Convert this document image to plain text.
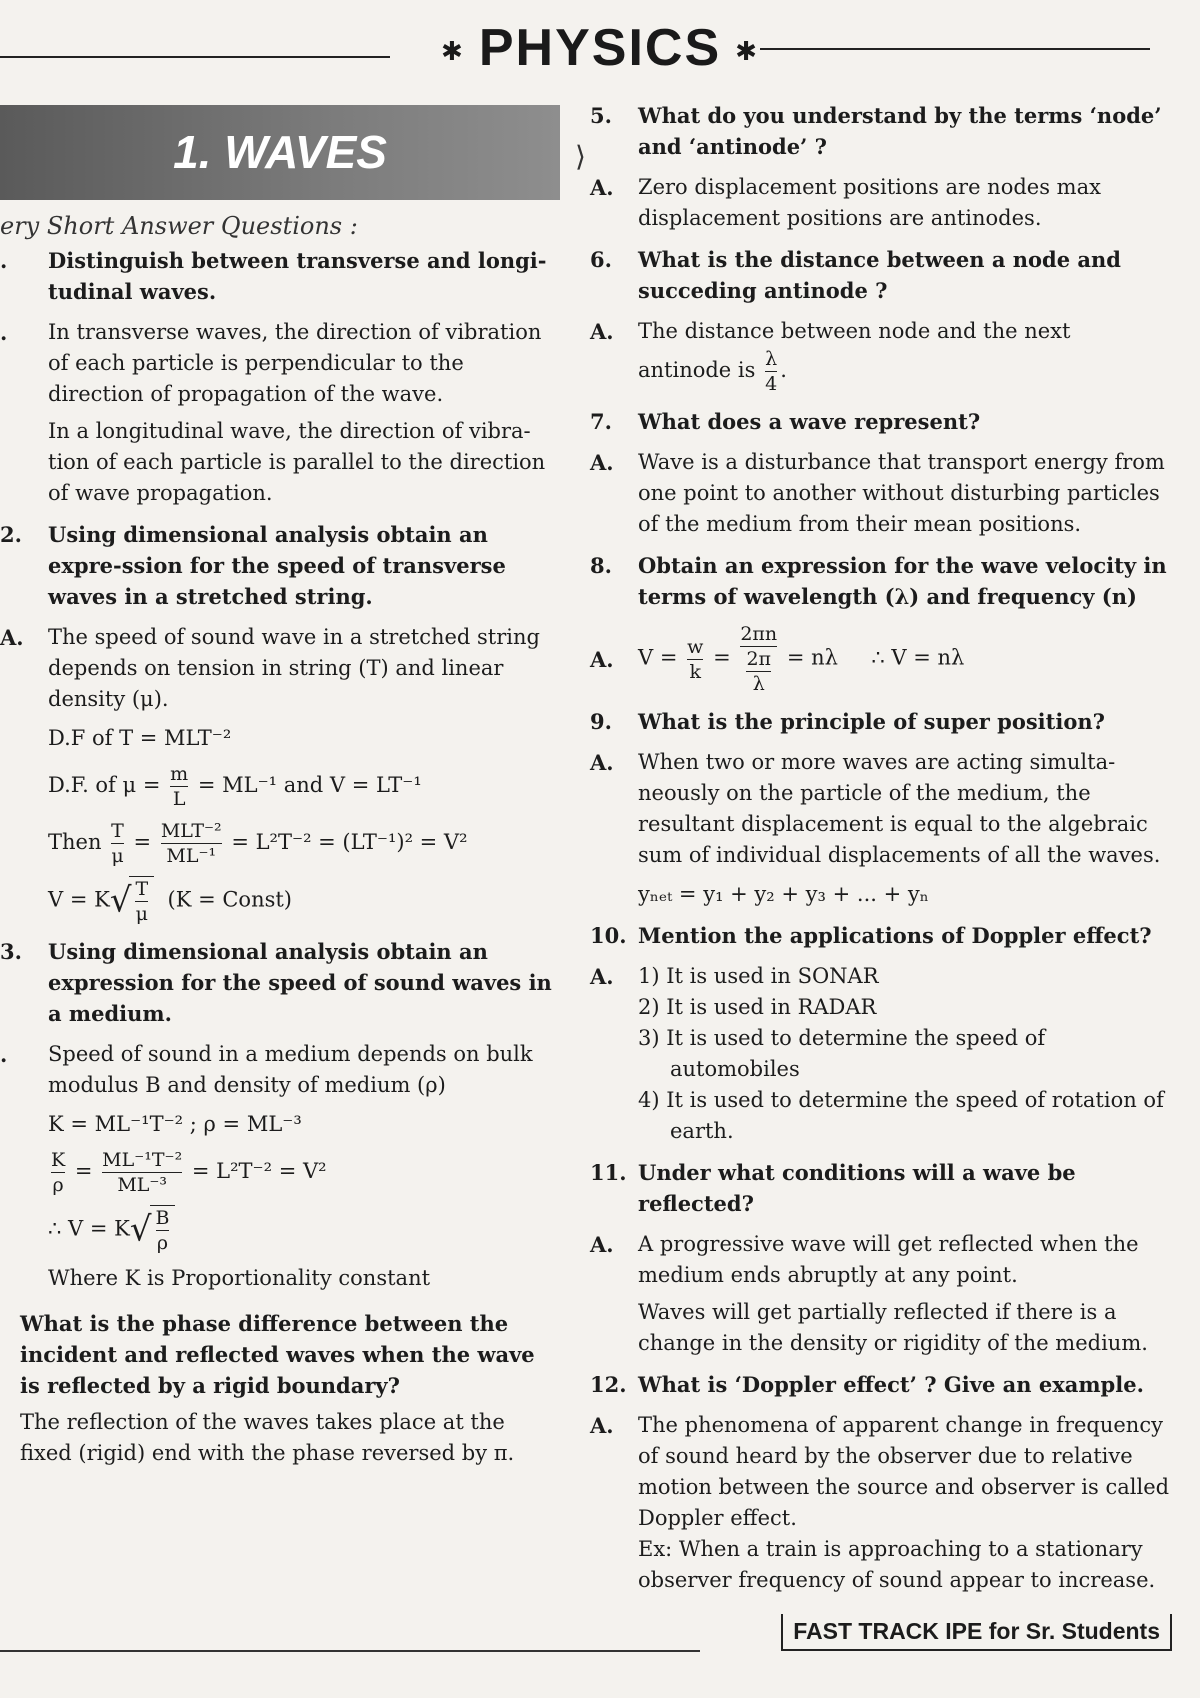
✱ PHYSICS ✱
1. WAVES	⟩
ery Short Answer Questions :
.	Distinguish between transverse and longi-tudinal waves.
.	In transverse waves, the direction of vibration of each particle is perpendicular to the direction of propagation of the wave.
In a longitudinal wave, the direction of vibra-tion of each particle is parallel to the direction of wave propagation.
2.	Using dimensional analysis obtain an expre-ssion for the speed of transverse waves in a stretched string.
A.	The speed of sound wave in a stretched string depends on tension in string (T) and linear density (μ).
D.F of T = MLT⁻²
D.F. of $\mu = \frac{m}{L} = ML^{-1}$ and V = LT⁻¹
Then $\frac{T}{\mu} = \frac{\text{MLT⁻²}}{\text{ML⁻¹}} = L^2T^{-2} = (LT^{-1})^2 = V^2$
$V = K√ \frac{T}{\mu} (K$ = Const)
3.	Using dimensional analysis obtain an expression for the speed of sound waves in a medium.
.	Speed of sound in a medium depends on bulk modulus B and density of medium (ρ)
K = ML⁻¹T⁻² ; ρ = ML⁻³
$\frac{K}{\rho} = \frac{\text{ML⁻¹T⁻²}}{\text{ML⁻³}} = L^2T^{-2} = V^2$
∴ $V = K√ \frac{B}{\rho}$
Where K is Proportionality constant
What is the phase difference between the incident and reflected waves when the wave is reflected by a rigid boundary?
The reflection of the waves takes place at the fixed (rigid) end with the phase reversed by π.
5.	What do you understand by the terms ‘node’ and ‘antinode’ ?
A.	Zero displacement positions are nodes max displacement positions are antinodes.
6.	What is the distance between a node and succeding antinode ?
A.	The distance between node and the next antinode is $\frac{\lambda}{4}$ .
7.	What does a wave represent?
A.	Wave is a disturbance that transport energy from one point to another without disturbing particles of the medium from their mean positions.
8.	Obtain an expression for the wave velocity in terms of wavelength (λ) and frequency (n)
A.	$V = \frac{w}{k} = \frac{2\pi n}{\frac{2\pi}{\lambda}} = n\lambda$ ∴ V = nλ
9.	What is the principle of super position?
A.	When two or more waves are acting simulta-neously on the particle of the medium, the resultant displacement is equal to the algebraic sum of individual displacements of all the waves.
yₙₑₜ = y₁ + y₂ + y₃ + ... + yₙ
10. Mention the applications of Doppler effect?
A.	1) It is used in SONAR
2) It is used in RADAR
3) It is used to determine the speed of automobiles
4) It is used to determine the speed of rotation of earth.
11. Under what conditions will a wave be reflected?
A.	A progressive wave will get reflected when the medium ends abruptly at any point.
Waves will get partially reflected if there is a change in the density or rigidity of the medium.
12. What is ‘Doppler effect’ ? Give an example.
A.	The phenomena of apparent change in frequency of sound heard by the observer due to relative motion between the source and observer is called Doppler effect.
Ex: When a train is approaching to a stationary observer frequency of sound appear to increase.
FAST TRACK IPE for Sr. Students
